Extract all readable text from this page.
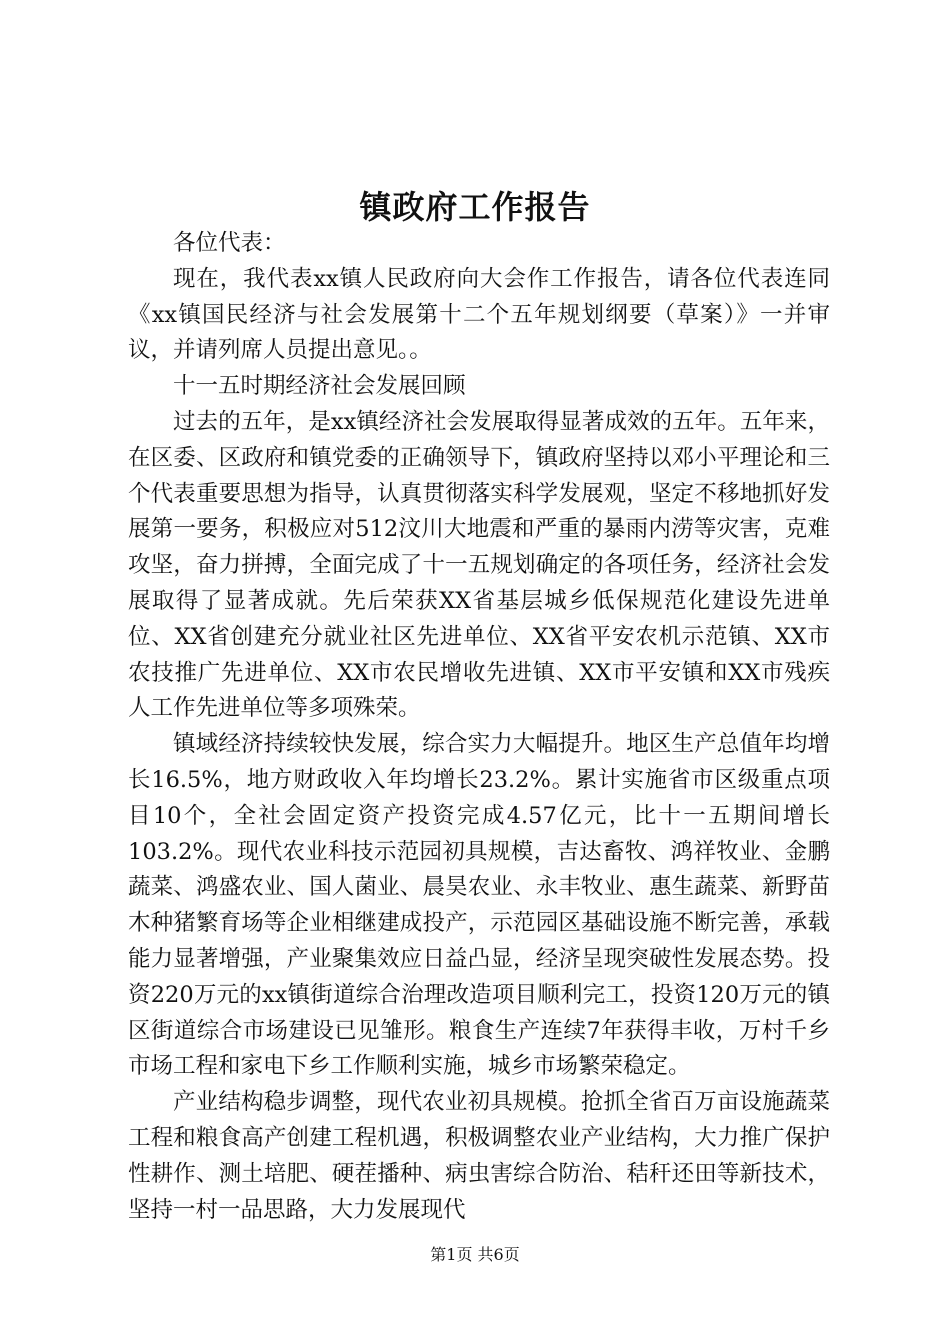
镇政府工作报告

各位代表：

现在，我代表xx镇人民政府向大会作工作报告，请各位代表连同《xx镇国民经济与社会发展第十二个五年规划纲要（草案）》一并审议，并请列席人员提出意见。。

十一五时期经济社会发展回顾

过去的五年，是xx镇经济社会发展取得显著成效的五年。五年来，在区委、区政府和镇党委的正确领导下，镇政府坚持以邓小平理论和三个代表重要思想为指导，认真贯彻落实科学发展观，坚定不移地抓好发展第一要务，积极应对512汶川大地震和严重的暴雨内涝等灾害，克难攻坚，奋力拼搏，全面完成了十一五规划确定的各项任务，经济社会发展取得了显著成就。先后荣获XX省基层城乡低保规范化建设先进单位、XX省创建充分就业社区先进单位、XX省平安农机示范镇、XX市农技推广先进单位、XX市农民增收先进镇、XX市平安镇和XX市残疾人工作先进单位等多项殊荣。

镇域经济持续较快发展，综合实力大幅提升。地区生产总值年均增长16.5%，地方财政收入年均增长23.2%。累计实施省市区级重点项目10个，全社会固定资产投资完成4.57亿元，比十一五期间增长103.2%。现代农业科技示范园初具规模，吉达畜牧、鸿祥牧业、金鹏蔬菜、鸿盛农业、国人菌业、晨昊农业、永丰牧业、惠生蔬菜、新野苗木种猪繁育场等企业相继建成投产，示范园区基础设施不断完善，承载能力显著增强，产业聚集效应日益凸显，经济呈现突破性发展态势。投资220万元的xx镇街道综合治理改造项目顺利完工，投资120万元的镇区街道综合市场建设已见雏形。粮食生产连续7年获得丰收，万村千乡市场工程和家电下乡工作顺利实施，城乡市场繁荣稳定。

产业结构稳步调整，现代农业初具规模。抢抓全省百万亩设施蔬菜工程和粮食高产创建工程机遇，积极调整农业产业结构，大力推广保护性耕作、测土培肥、硬茬播种、病虫害综合防治、秸秆还田等新技术，坚持一村一品思路，大力发展现代

第1页 共6页
